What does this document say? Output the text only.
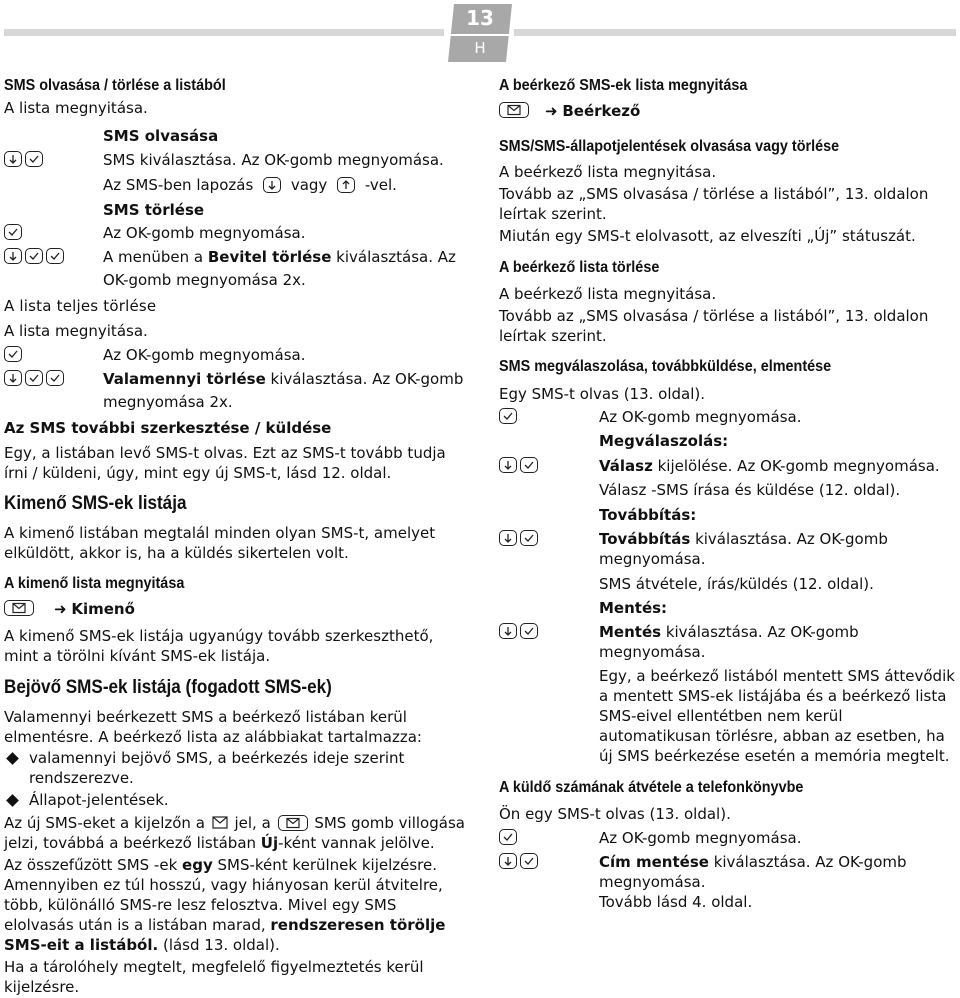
13
H
SMS olvasása / törlése a listából
A lista megnyitása.
SMS olvasása
SMS kiválasztása. Az OK-gomb megnyomása.
Az SMS-ben lapozás	vagy	-vel.
SMS törlése
Az OK-gomb megnyomása.
A menüben a Bevitel törlése kiválasztása. Az
OK-gomb megnyomása 2x.
A lista teljes törlése
A lista megnyitása.
Az OK-gomb megnyomása.
Valamennyi törlése kiválasztása. Az OK-gomb
megnyomása 2x.
Az SMS további szerkesztése / küldése
Egy, a listában levő SMS-t olvas. Ezt az SMS-t tovább tudja
írni / küldeni, úgy, mint egy új SMS-t, lásd 12. oldal.
Kimenő SMS-ek listája
A kimenő listában megtalál minden olyan SMS-t, amelyet
elküldött, akkor is, ha a küldés sikertelen volt.
A kimenő lista megnyitása
➜ Kimenő
A kimenő SMS-ek listája ugyanúgy tovább szerkeszthető,
mint a törölni kívánt SMS-ek listája.
Bejövő SMS-ek listája (fogadott SMS-ek)
Valamennyi beérkezett SMS a beérkező listában kerül
elmentésre. A beérkező lista az alábbiakat tartalmazza:
valamennyi bejövő SMS, a beérkezés ideje szerint
rendszerezve.
Állapot-jelentések.
Az új SMS-eket a kijelzőn a jel, a	SMS gomb villogása
jelzi, továbbá a beérkező listában Új-ként vannak jelölve.
Az összefűzött SMS -ek egy SMS-ként kerülnek kijelzésre.
Amennyiben ez túl hosszú, vagy hiányosan kerül átvitelre,
több, különálló SMS-re lesz felosztva. Mivel egy SMS
elolvasás után is a listában marad, rendszeresen törölje
SMS-eit a listából. (lásd 13. oldal).
Ha a tárolóhely megtelt, megfelelő figyelmeztetés kerül
kijelzésre.
A beérkező SMS-ek lista megnyitása
➜ Beérkező
SMS/SMS-állapotjelentések olvasása vagy törlése
A beérkező lista megnyitása.
Tovább az „SMS olvasása / törlése a listából”, 13. oldalon
leírtak szerint.
Miután egy SMS-t elolvasott, az elveszíti „Új” státuszát.
A beérkező lista törlése
A beérkező lista megnyitása.
Tovább az „SMS olvasása / törlése a listából”, 13. oldalon
leírtak szerint.
SMS megválaszolása, továbbküldése, elmentése
Egy SMS-t olvas (13. oldal).
Az OK-gomb megnyomása.
Megválaszolás:
Válasz kijelölése. Az OK-gomb megnyomása.
Válasz -SMS írása és küldése (12. oldal).
Továbbítás:
Továbbítás kiválasztása. Az OK-gomb
megnyomása.
SMS átvétele, írás/küldés (12. oldal).
Mentés:
Mentés kiválasztása. Az OK-gomb
megnyomása.
Egy, a beérkező listából mentett SMS áttevődik
a mentett SMS-ek listájába és a beérkező lista
SMS-eivel ellentétben nem kerül
automatikusan törlésre, abban az esetben, ha
új SMS beérkezése esetén a memória megtelt.
A küldő számának átvétele a telefonkönyvbe
Ön egy SMS-t olvas (13. oldal).
Az OK-gomb megnyomása.
Cím mentése kiválasztása. Az OK-gomb
megnyomása.
Tovább lásd 4. oldal.
